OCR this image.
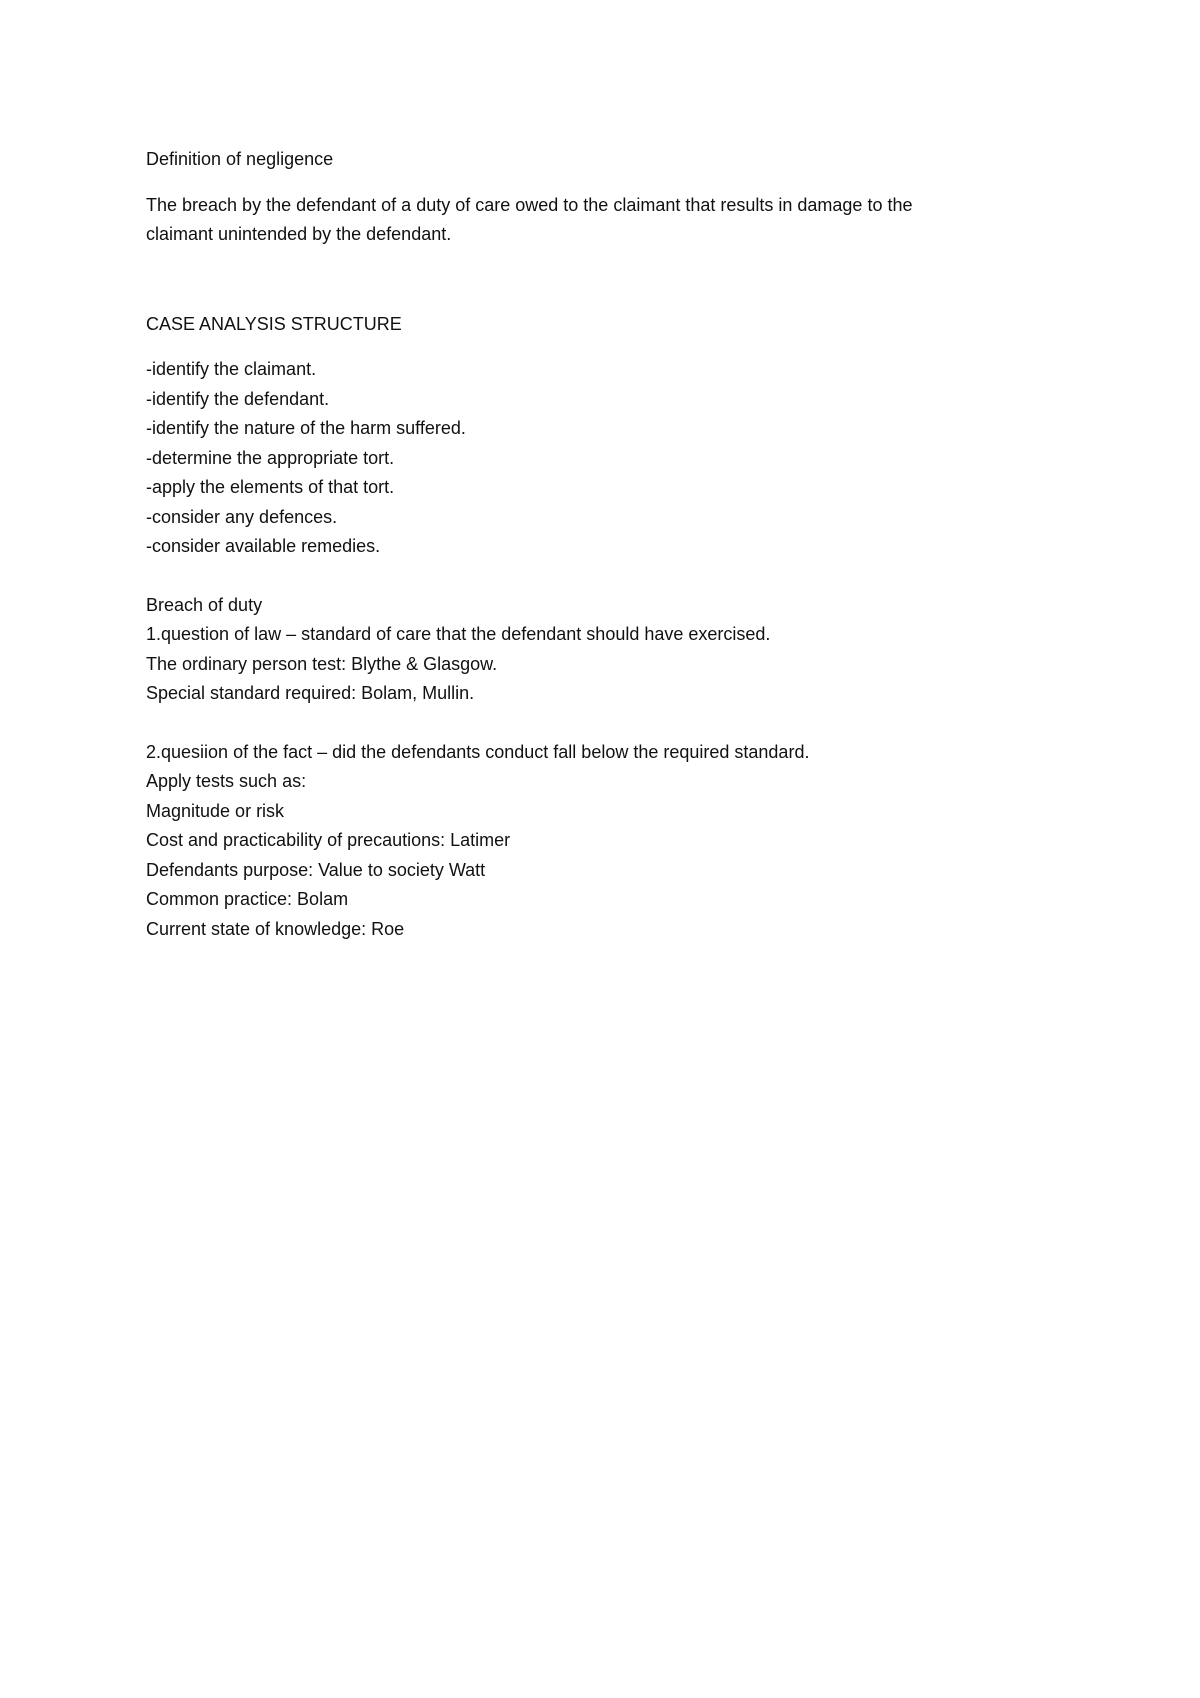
Definition of negligence
The breach by the defendant of a duty of care owed to the claimant that results in damage to the
claimant unintended by the defendant.
CASE ANALYSIS STRUCTURE
-identify the claimant.
-identify the defendant.
-identify the nature of the harm suffered.
-determine the appropriate tort.
-apply the elements of that tort.
-consider any defences.
-consider available remedies.
Breach of duty
1.question of law – standard of care that the defendant should have exercised.
The ordinary person test: Blythe & Glasgow.
Special standard required: Bolam, Mullin.
2.quesiion of the fact – did the defendants conduct fall below the required standard.
Apply tests such as:
Magnitude or risk
Cost and practicability of precautions: Latimer
Defendants purpose: Value to society Watt
Common practice: Bolam
Current state of knowledge: Roe
